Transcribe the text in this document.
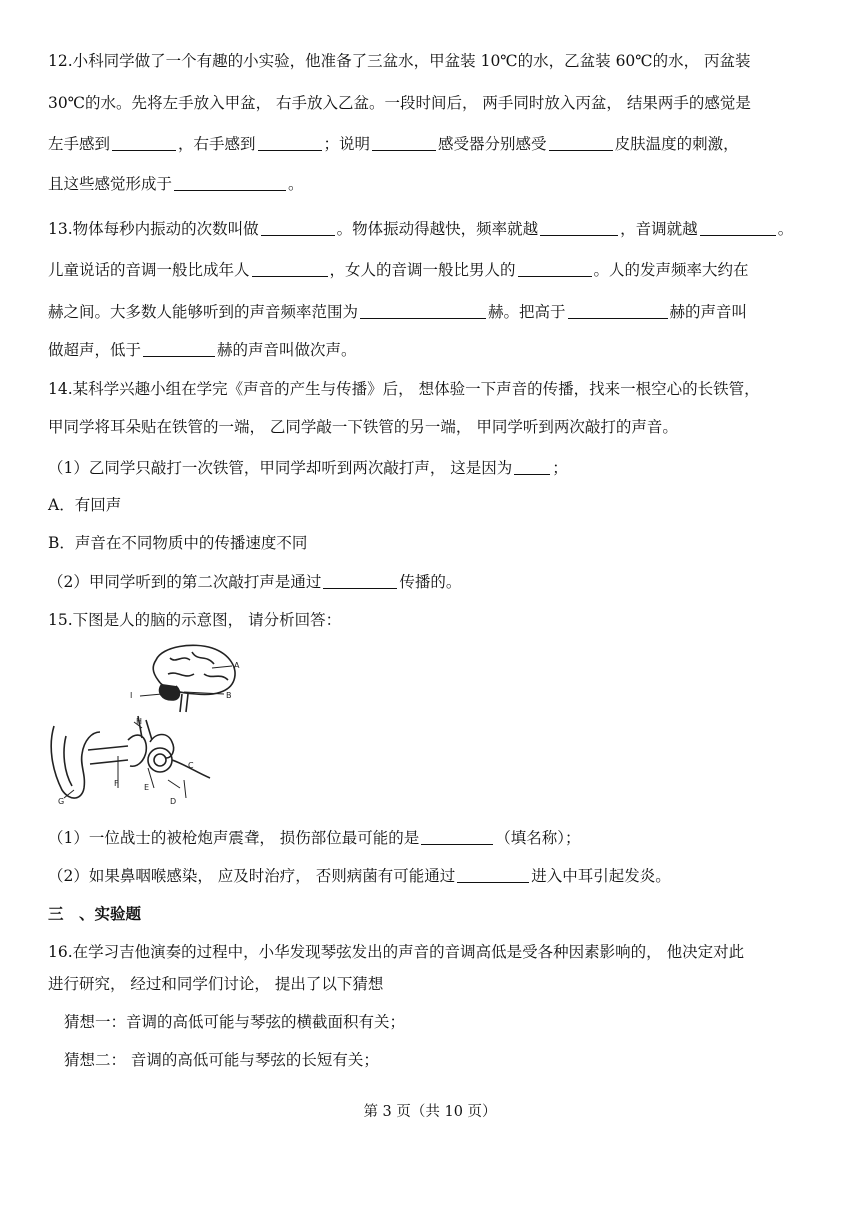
12.小科同学做了一个有趣的小实验，他准备了三盆水，甲盆装 10℃的水，乙盆装 60℃的水， 丙盆装
30℃的水。先将左手放入甲盆， 右手放入乙盆。一段时间后， 两手同时放入丙盆， 结果两手的感觉是
左手感到	，右手感到	；说明	感受器分别感受	皮肤温度的刺激，
且这些感觉形成于	。
13.物体每秒内振动的次数叫做	。物体振动得越快，频率就越	，音调就越	。
儿童说话的音调一般比成年人	，女人的音调一般比男人的	。人的发声频率大约在
赫之间。大多数人能够听到的声音频率范围为	赫。把高于	赫的声音叫
做超声，低于	赫的声音叫做次声。
14.某科学兴趣小组在学完《声音的产生与传播》后， 想体验一下声音的传播，找来一根空心的长铁管，
甲同学将耳朵贴在铁管的一端， 乙同学敲一下铁管的另一端， 甲同学听到两次敲打的声音。
（1）乙同学只敲打一次铁管，甲同学却听到两次敲打声， 这是因为	；
A．有回声
B．声音在不同物质中的传播速度不同
（2）甲同学听到的第二次敲打声是通过	传播的。
15.下图是人的脑的示意图， 请分析回答：
A
B
I
H
C
F	E
G	D
（1）一位战士的被枪炮声震聋， 损伤部位最可能的是	（填名称）；
（2）如果鼻咽喉感染， 应及时治疗， 否则病菌有可能通过	进入中耳引起发炎。
三　、实验题
16.在学习吉他演奏的过程中，小华发现琴弦发出的声音的音调高低是受各种因素影响的， 他决定对此
进行研究， 经过和同学们讨论， 提出了以下猜想
猜想一：音调的高低可能与琴弦的横截面积有关；
猜想二： 音调的高低可能与琴弦的长短有关；
第 3 页（共 10 页）
